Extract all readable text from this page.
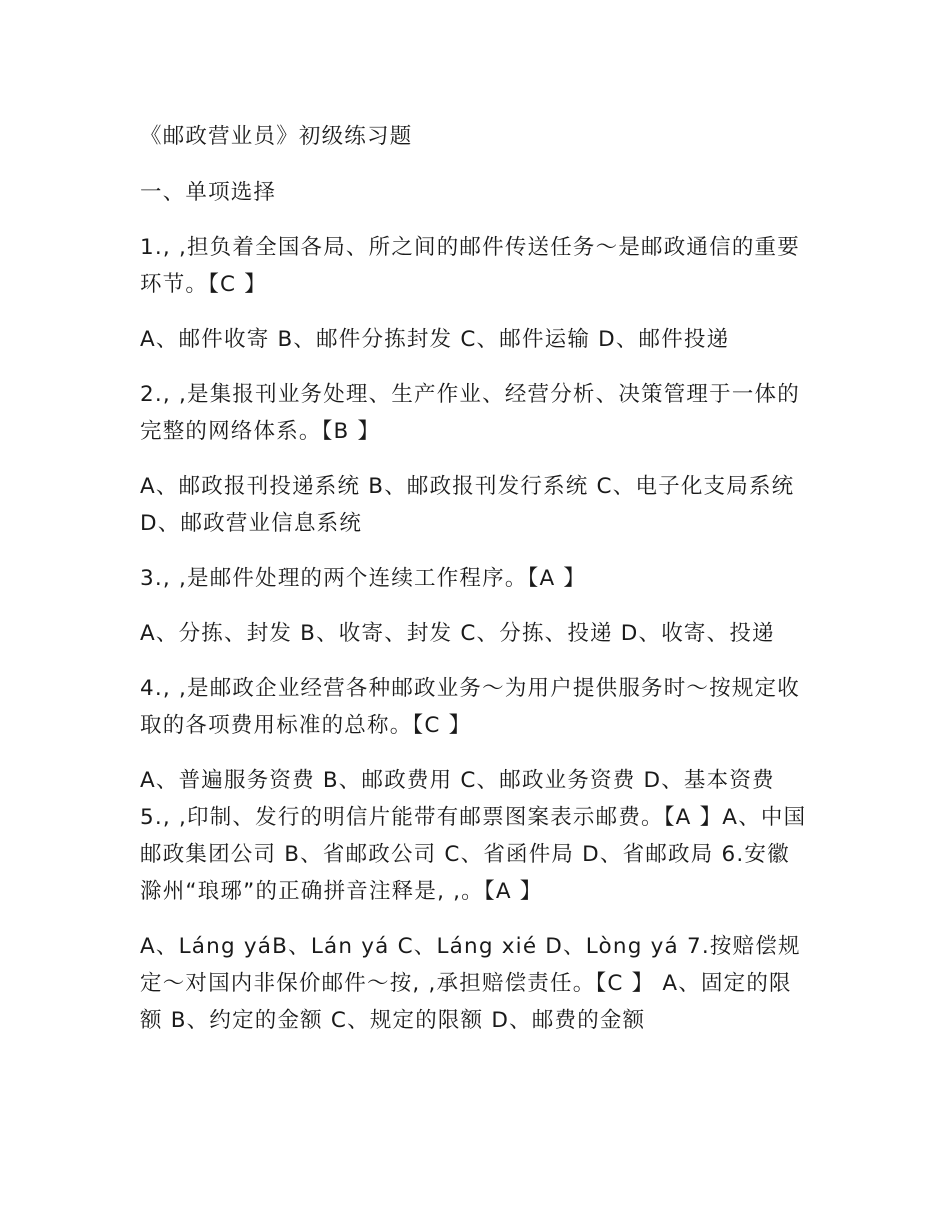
《邮政营业员》初级练习题
一、单项选择
1., ,担负着全国各局、所之间的邮件传送任务～是邮政通信的重要环节。【C 】
A、邮件收寄 B、邮件分拣封发 C、邮件运输 D、邮件投递
2., ,是集报刊业务处理、生产作业、经营分析、决策管理于一体的完整的网络体系。【B 】
A、邮政报刊投递系统 B、邮政报刊发行系统 C、电子化支局系统 D、邮政营业信息系统
3., ,是邮件处理的两个连续工作程序。【A 】
A、分拣、封发 B、收寄、封发 C、分拣、投递 D、收寄、投递
4., ,是邮政企业经营各种邮政业务～为用户提供服务时～按规定收取的各项费用标准的总称。【C 】
A、普遍服务资费 B、邮政费用 C、邮政业务资费 D、基本资费 5., ,印制、发行的明信片能带有邮票图案表示邮费。【A 】A、中国邮政集团公司 B、省邮政公司 C、省函件局 D、省邮政局 6.安徽滁州“琅琊”的正确拼音注释是, ,。【A 】
A、Láng yáB、Lán yá C、Láng xié D、Lòng yá 7.按赔偿规定～对国内非保价邮件～按, ,承担赔偿责任。【C 】 A、固定的限额 B、约定的金额 C、规定的限额 D、邮费的金额
